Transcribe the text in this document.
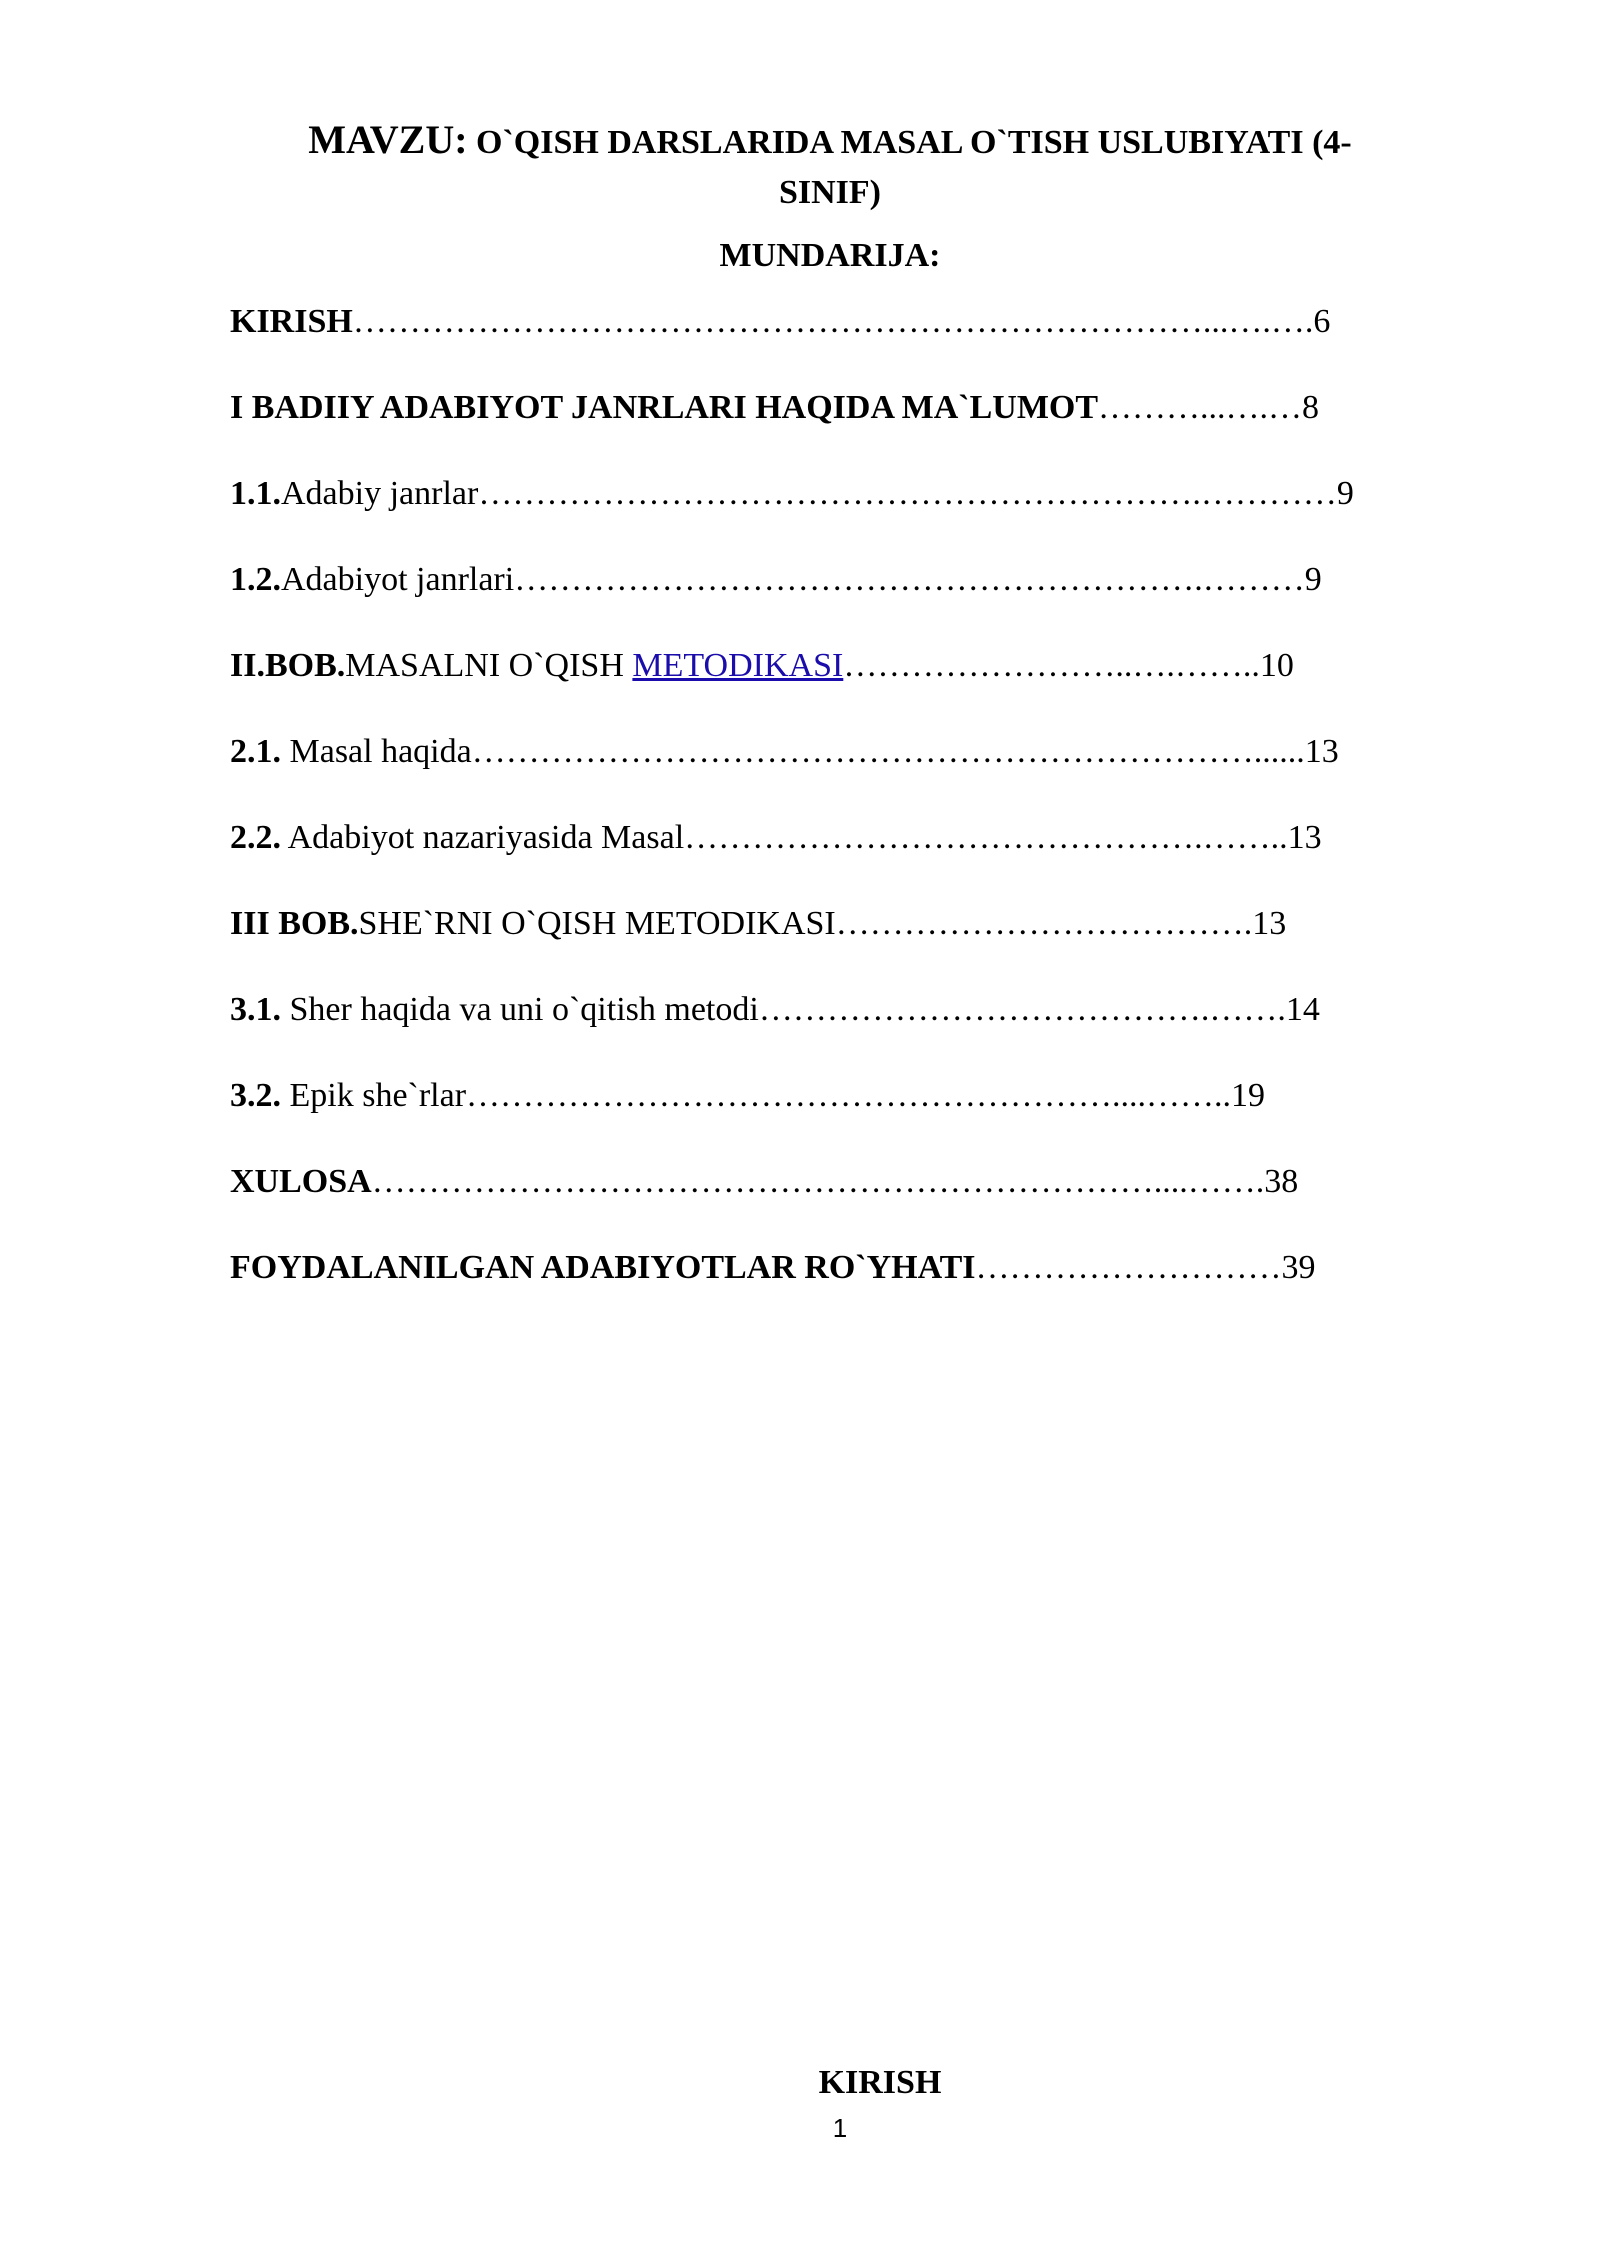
MAVZU: O`QISH DARSLARIDA MASAL O`TISH USLUBIYATI (4-
SINIF)
MUNDARIJA:
KIRISH…………………………………………………………………...….….6
I BADIIY ADABIYOT JANRLARI HAQIDA MA`LUMOT………...….…8
1.1.Adabiy janrlar……………………………………………………….…………9
1.2.Adabiyot janrlari…………………………………………………….………9
II.BOB.MASALNI O`QISH METODIKASI……………………..….……..10
2.1. Masal haqida……………………………………………………………......13
2.2. Adabiyot nazariyasida Masal……………………………………….……..13
III BOB.SHE`RNI O`QISH METODIKASI……………………………….13
3.1. Sher haqida va uni o`qitish metodi………………………………….…….14
3.2. Epik she`rlar…………………………………………………....……..19
XULOSA……………………………………………………………....…….38
FOYDALANILGAN ADABIYOTLAR RO`YHATI………………………39
KIRISH
1
